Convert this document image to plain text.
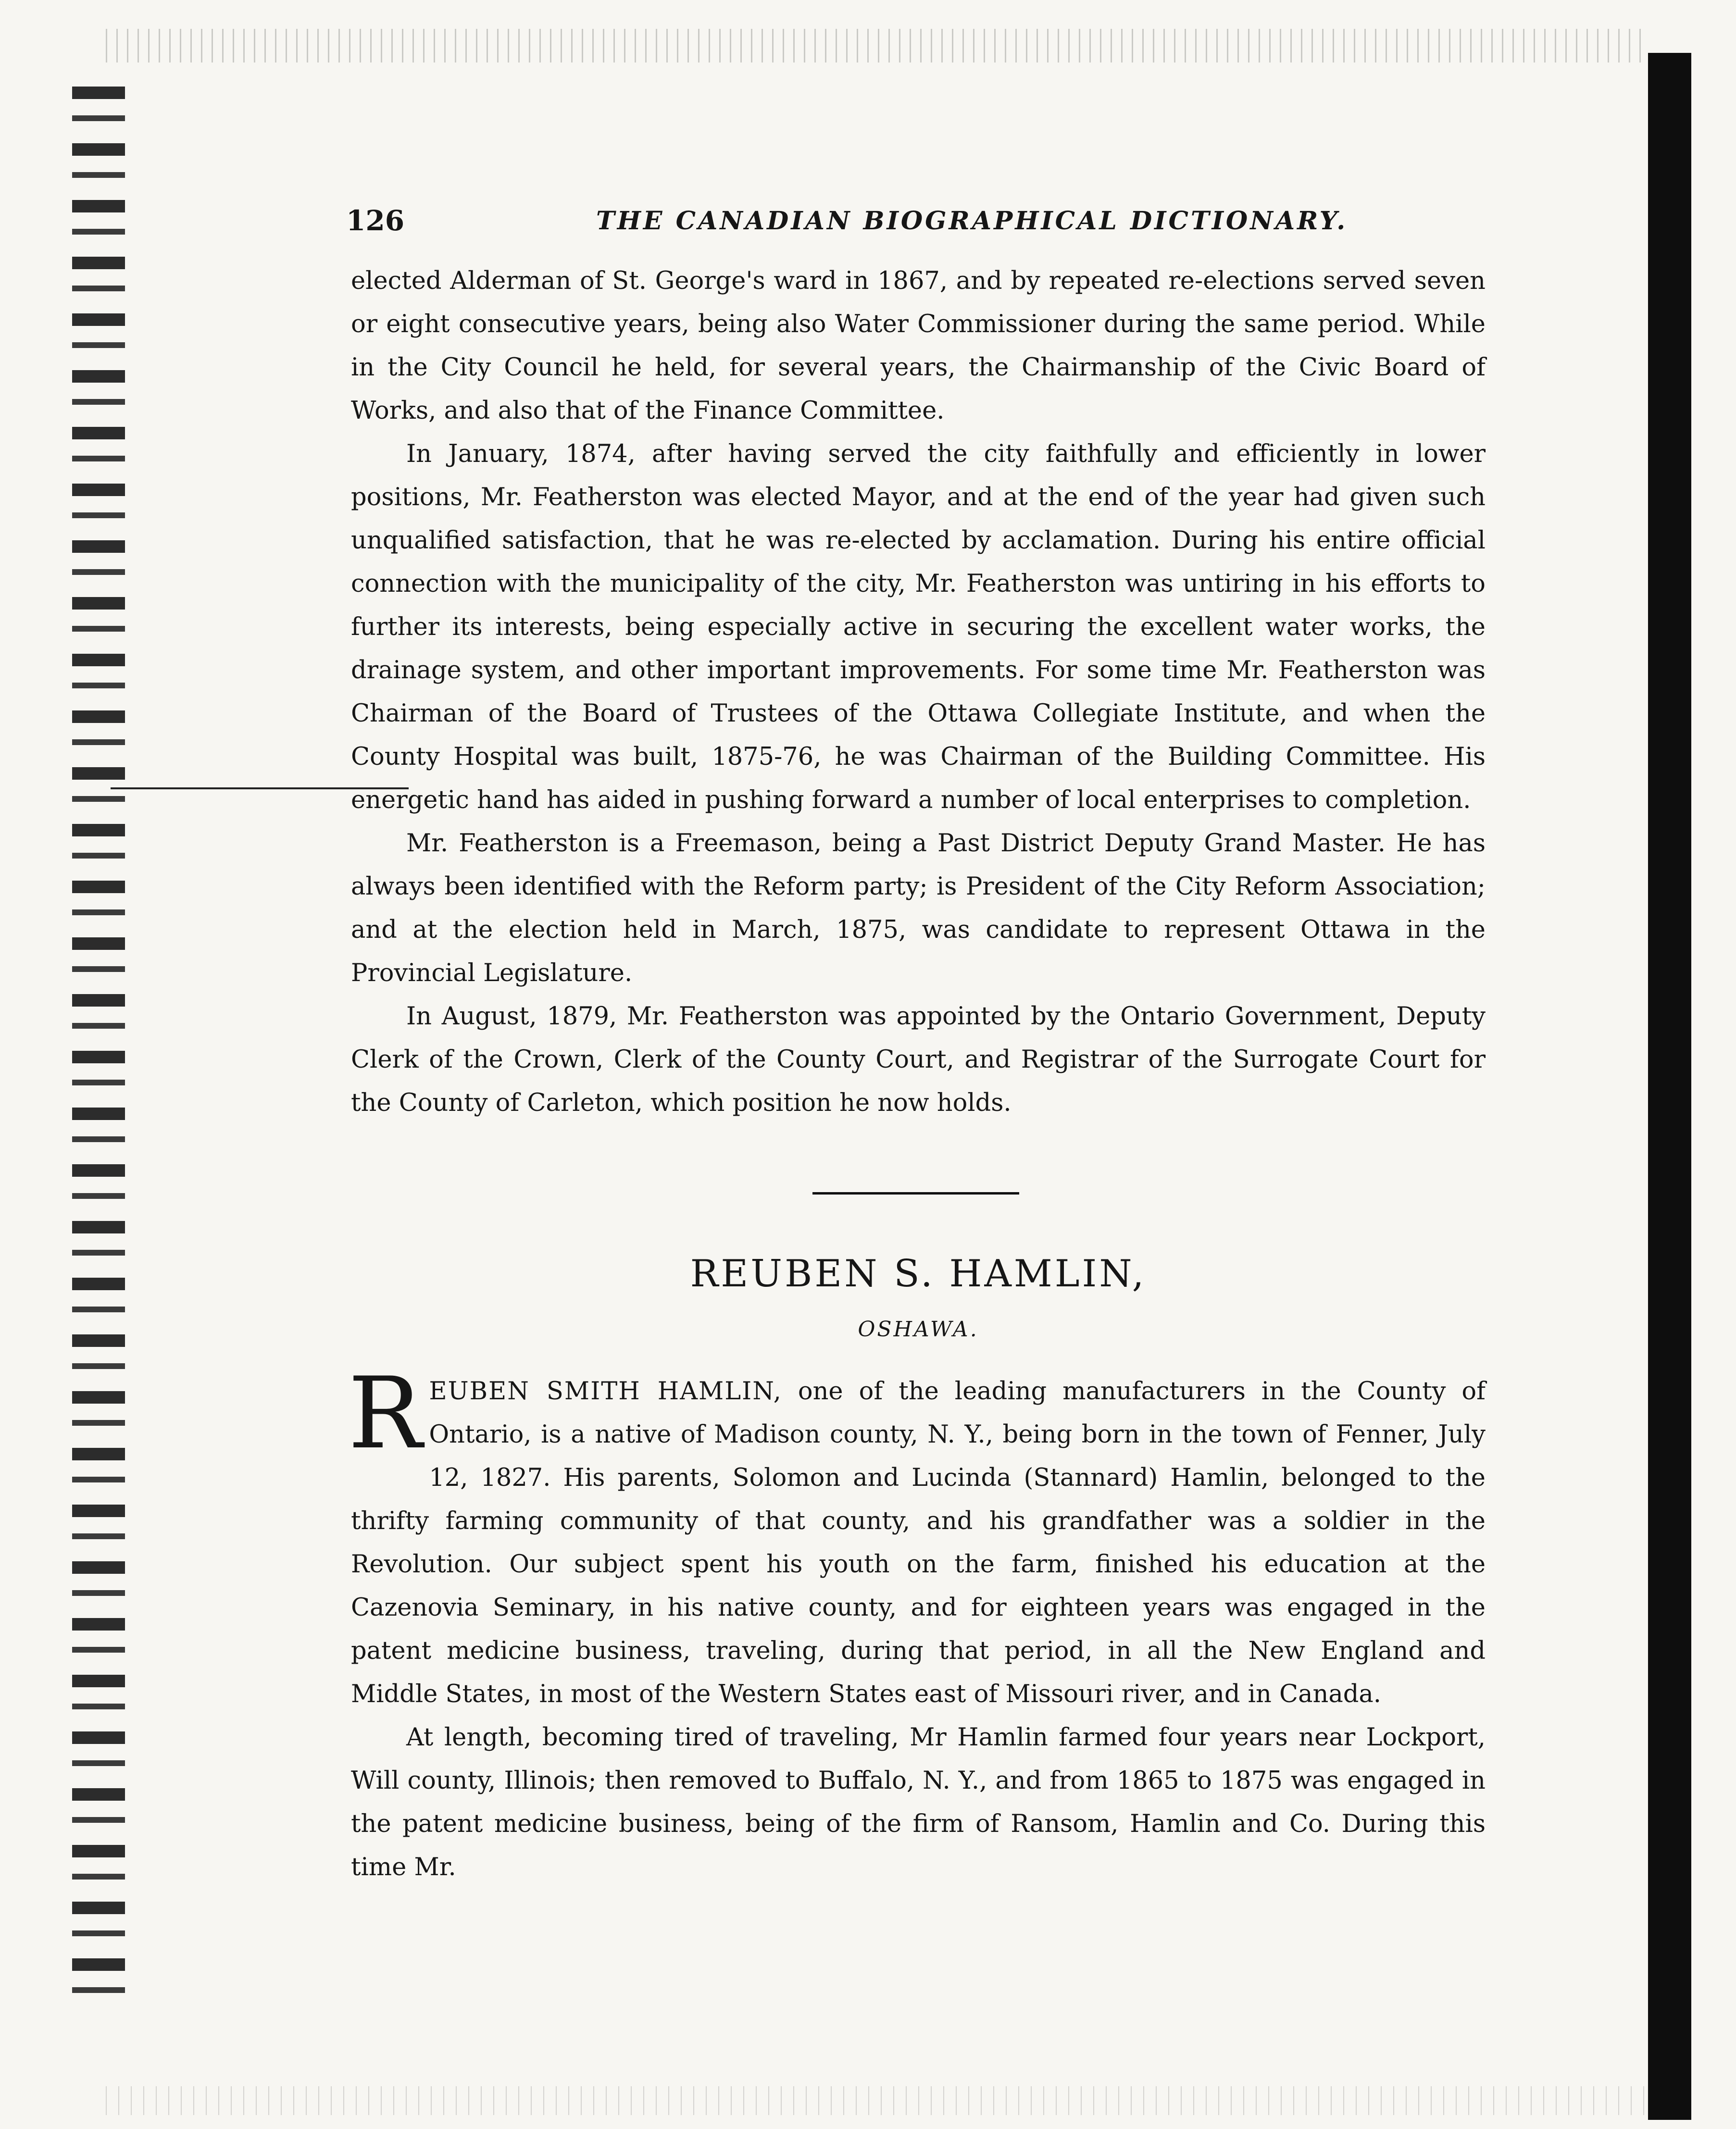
126	THE CANADIAN BIOGRAPHICAL DICTIONARY.

elected Alderman of St. George's ward in 1867, and by repeated re-elections served seven or eight consecutive years, being also Water Commissioner during the same period. While in the City Council he held, for several years, the Chairmanship of the Civic Board of Works, and also that of the Finance Committee.

In January, 1874, after having served the city faithfully and efficiently in lower positions, Mr. Featherston was elected Mayor, and at the end of the year had given such unqualified satisfaction, that he was re-elected by acclamation. During his entire official connection with the municipality of the city, Mr. Featherston was untiring in his efforts to further its interests, being especially active in securing the excellent water works, the drainage system, and other important improvements. For some time Mr. Featherston was Chairman of the Board of Trustees of the Ottawa Collegiate Institute, and when the County Hospital was built, 1875-76, he was Chairman of the Building Committee. His energetic hand has aided in pushing forward a number of local enterprises to completion.

Mr. Featherston is a Freemason, being a Past District Deputy Grand Master. He has always been identified with the Reform party; is President of the City Reform Association; and at the election held in March, 1875, was candidate to represent Ottawa in the Provincial Legislature.

In August, 1879, Mr. Featherston was appointed by the Ontario Government, Deputy Clerk of the Crown, Clerk of the County Court, and Registrar of the Surrogate Court for the County of Carleton, which position he now holds.

REUBEN S. HAMLIN,
OSHAWA.

REUBEN SMITH HAMLIN, one of the leading manufacturers in the County of Ontario, is a native of Madison county, N. Y., being born in the town of Fenner, July 12, 1827. His parents, Solomon and Lucinda (Stannard) Hamlin, belonged to the thrifty farming community of that county, and his grandfather was a soldier in the Revolution. Our subject spent his youth on the farm, finished his education at the Cazenovia Seminary, in his native county, and for eighteen years was engaged in the patent medicine business, traveling, during that period, in all the New England and Middle States, in most of the Western States east of Missouri river, and in Canada.

At length, becoming tired of traveling, Mr Hamlin farmed four years near Lockport, Will county, Illinois; then removed to Buffalo, N. Y., and from 1865 to 1875 was engaged in the patent medicine business, being of the firm of Ransom, Hamlin and Co. During this time Mr.
